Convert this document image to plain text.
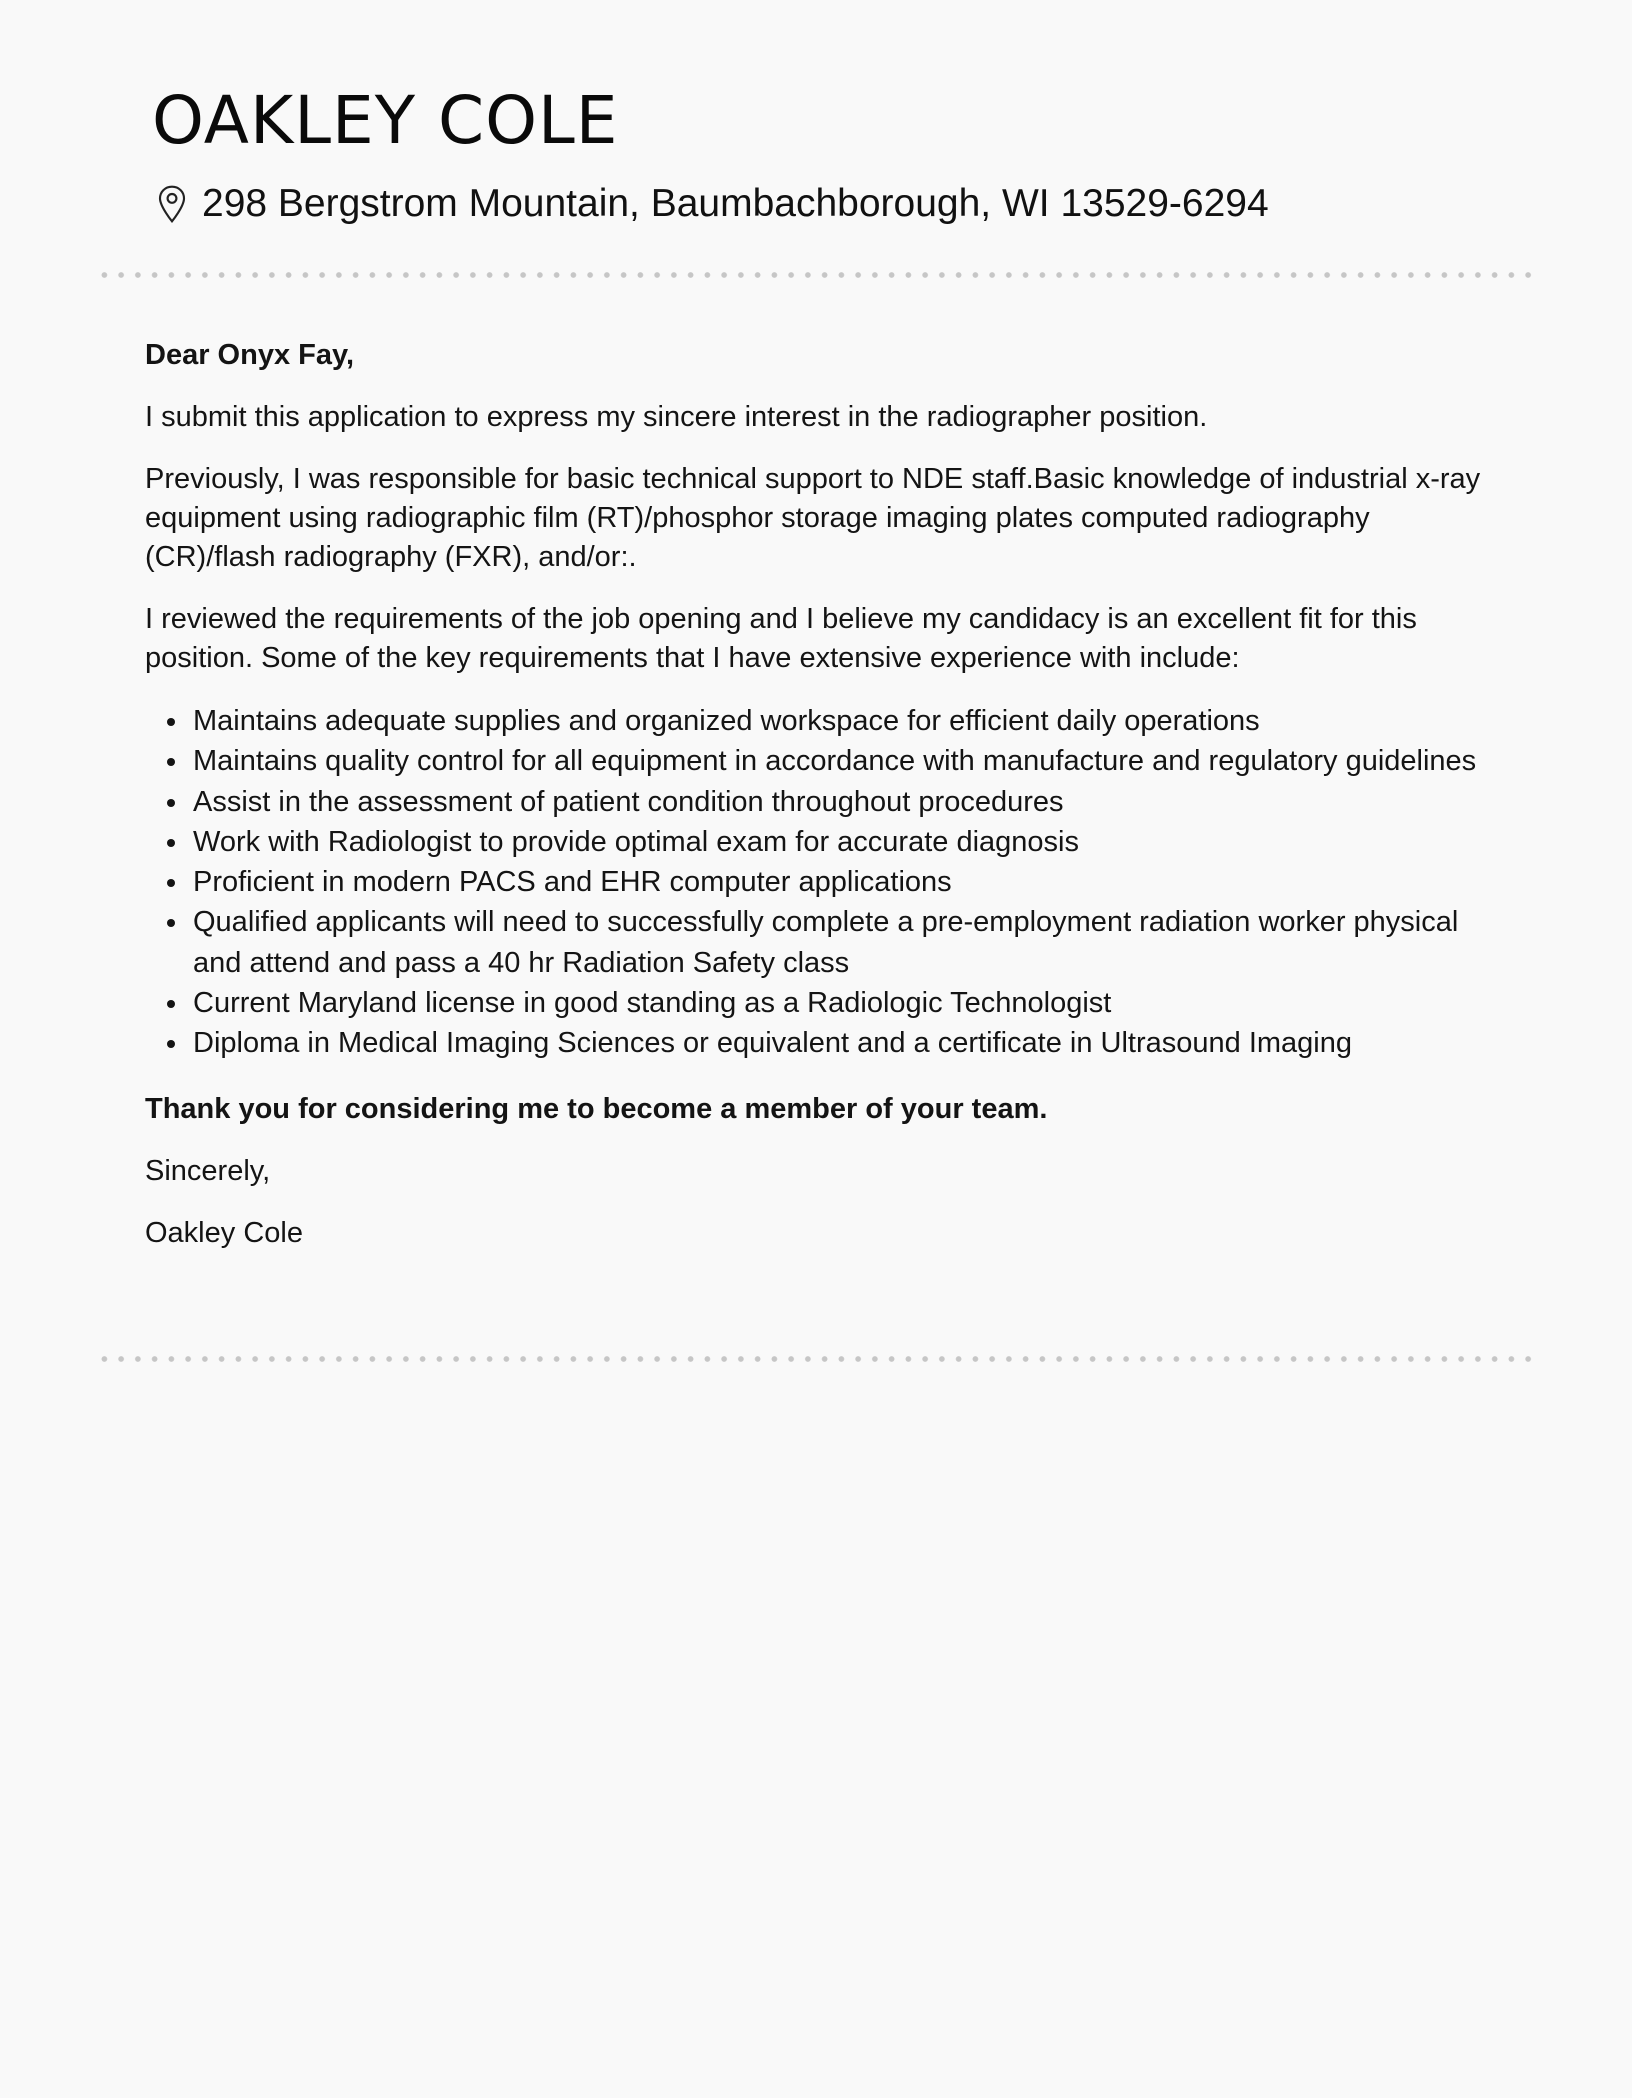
OAKLEY COLE
298 Bergstrom Mountain, Baumbachborough, WI 13529-6294

Dear Onyx Fay,

I submit this application to express my sincere interest in the radiographer position.

Previously, I was responsible for basic technical support to NDE staff.Basic knowledge of industrial x-ray equipment using radiographic film (RT)/phosphor storage imaging plates computed radiography (CR)/flash radiography (FXR), and/or:.

I reviewed the requirements of the job opening and I believe my candidacy is an excellent fit for this position. Some of the key requirements that I have extensive experience with include:

Maintains adequate supplies and organized workspace for efficient daily operations
Maintains quality control for all equipment in accordance with manufacture and regulatory guidelines
Assist in the assessment of patient condition throughout procedures
Work with Radiologist to provide optimal exam for accurate diagnosis
Proficient in modern PACS and EHR computer applications
Qualified applicants will need to successfully complete a pre-employment radiation worker physical and attend and pass a 40 hr Radiation Safety class
Current Maryland license in good standing as a Radiologic Technologist
Diploma in Medical Imaging Sciences or equivalent and a certificate in Ultrasound Imaging

Thank you for considering me to become a member of your team.

Sincerely,

Oakley Cole
